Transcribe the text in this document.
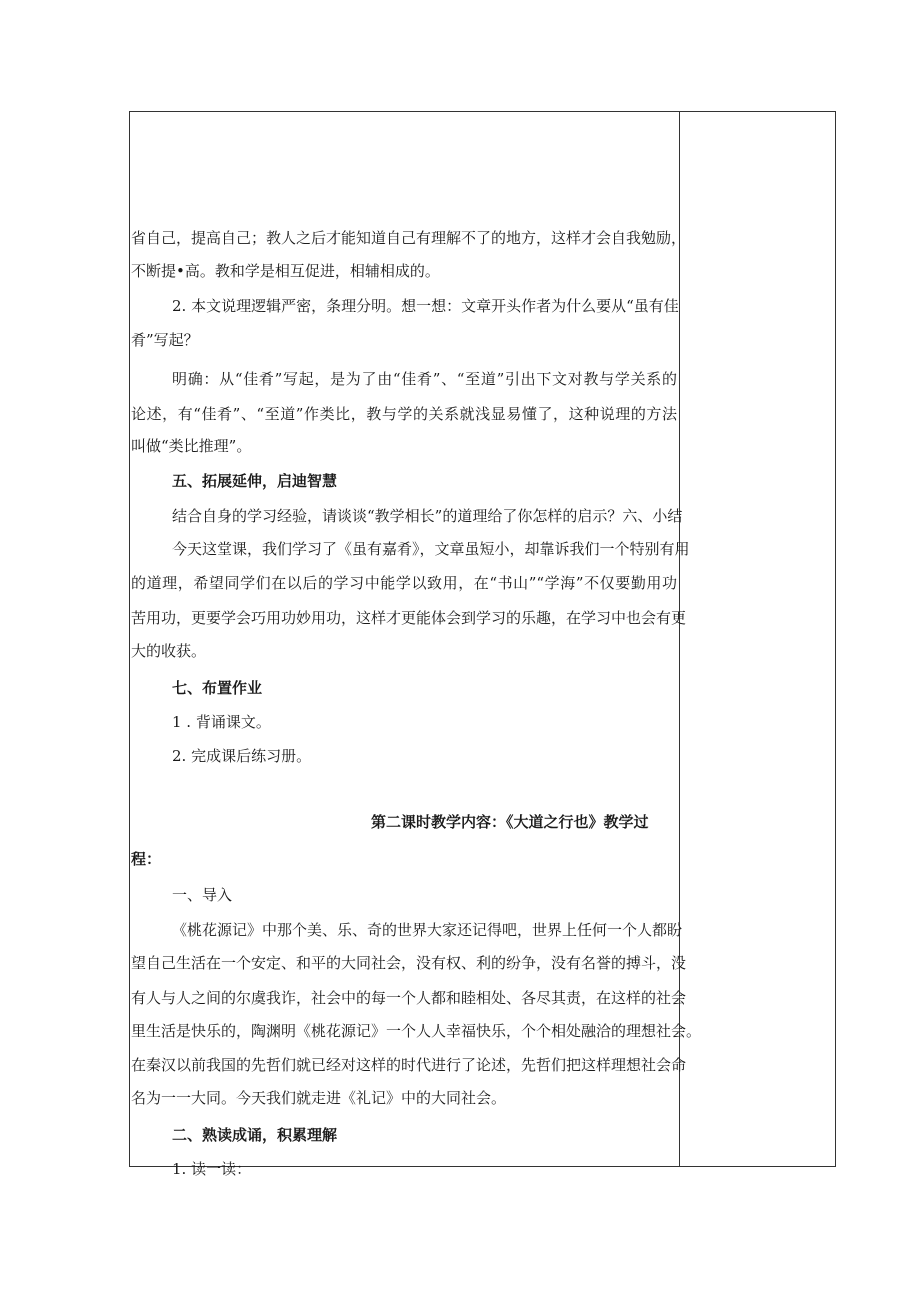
省自己，提高自己；教人之后才能知道自己有理解不了的地方，这样才会自我勉励，
不断提•高。教和学是相互促进，相辅相成的。
2. 本文说理逻辑严密，条理分明。想一想：文章开头作者为什么要从“虽有佳
肴”写起？
明确：从“佳肴”写起，是为了由“佳肴”、“至道”引出下文对教与学关系的
论述，有“佳肴”、“至道”作类比，教与学的关系就浅显易懂了，这种说理的方法
叫做“类比推理”。
五、拓展延伸，启迪智慧
结合自身的学习经验，请谈谈“教学相长”的道理给了你怎样的启示？六、小结
今天这堂课，我们学习了《虽有嘉肴》，文章虽短小，却靠诉我们一个特别有用
的道理，希望同学们在以后的学习中能学以致用，在“书山”“学海”不仅要勤用功
苦用功，更要学会巧用功妙用功，这样才更能体会到学习的乐趣，在学习中也会有更
大的收获。
七、布置作业
1 . 背诵课文。
2. 完成课后练习册。
第二课时教学内容：《大道之行也》教学过
程：
一、导入
《桃花源记》中那个美、乐、奇的世界大家还记得吧，世界上任何一个人都盼
望自己生活在一个安定、和平的大同社会，没有权、利的纷争，没有名誉的搏斗，没
有人与人之间的尔虞我诈，社会中的每一个人都和睦相处、各尽其责，在这样的社会
里生活是快乐的，陶渊明《桃花源记》一个人人幸福快乐，个个相处融洽的理想社会。
在秦汉以前我国的先哲们就已经对这样的时代进行了论述，先哲们把这样理想社会命
名为一一大同。今天我们就走进《礼记》中的大同社会。
二、熟读成诵，积累理解
1. 读一读：
